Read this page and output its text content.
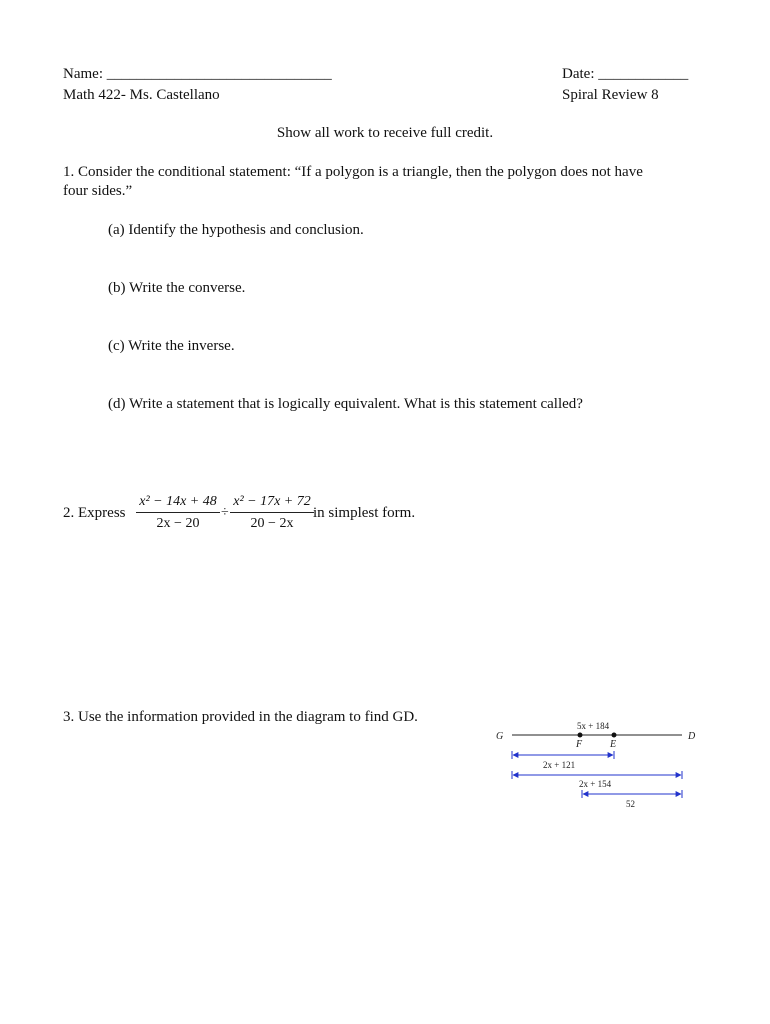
Name: ______________________________	Date: ____________
Math 422- Ms. Castellano	Spiral Review 8
Show all work to receive full credit.
1. Consider the conditional statement: “If a polygon is a triangle, then the polygon does not have
four sides.”
(a) Identify the hypothesis and conclusion.
(b) Write the converse.
(c) Write the inverse.
(d) Write a statement that is logically equivalent. What is this statement called?
2. Express
x² − 14x + 48
2x − 20
÷
x² − 17x + 72
20 − 2x
in simplest form.
3. Use the information provided in the diagram to find GD.
G
F	E
D
5x + 184
2x + 121
2x + 154
52
